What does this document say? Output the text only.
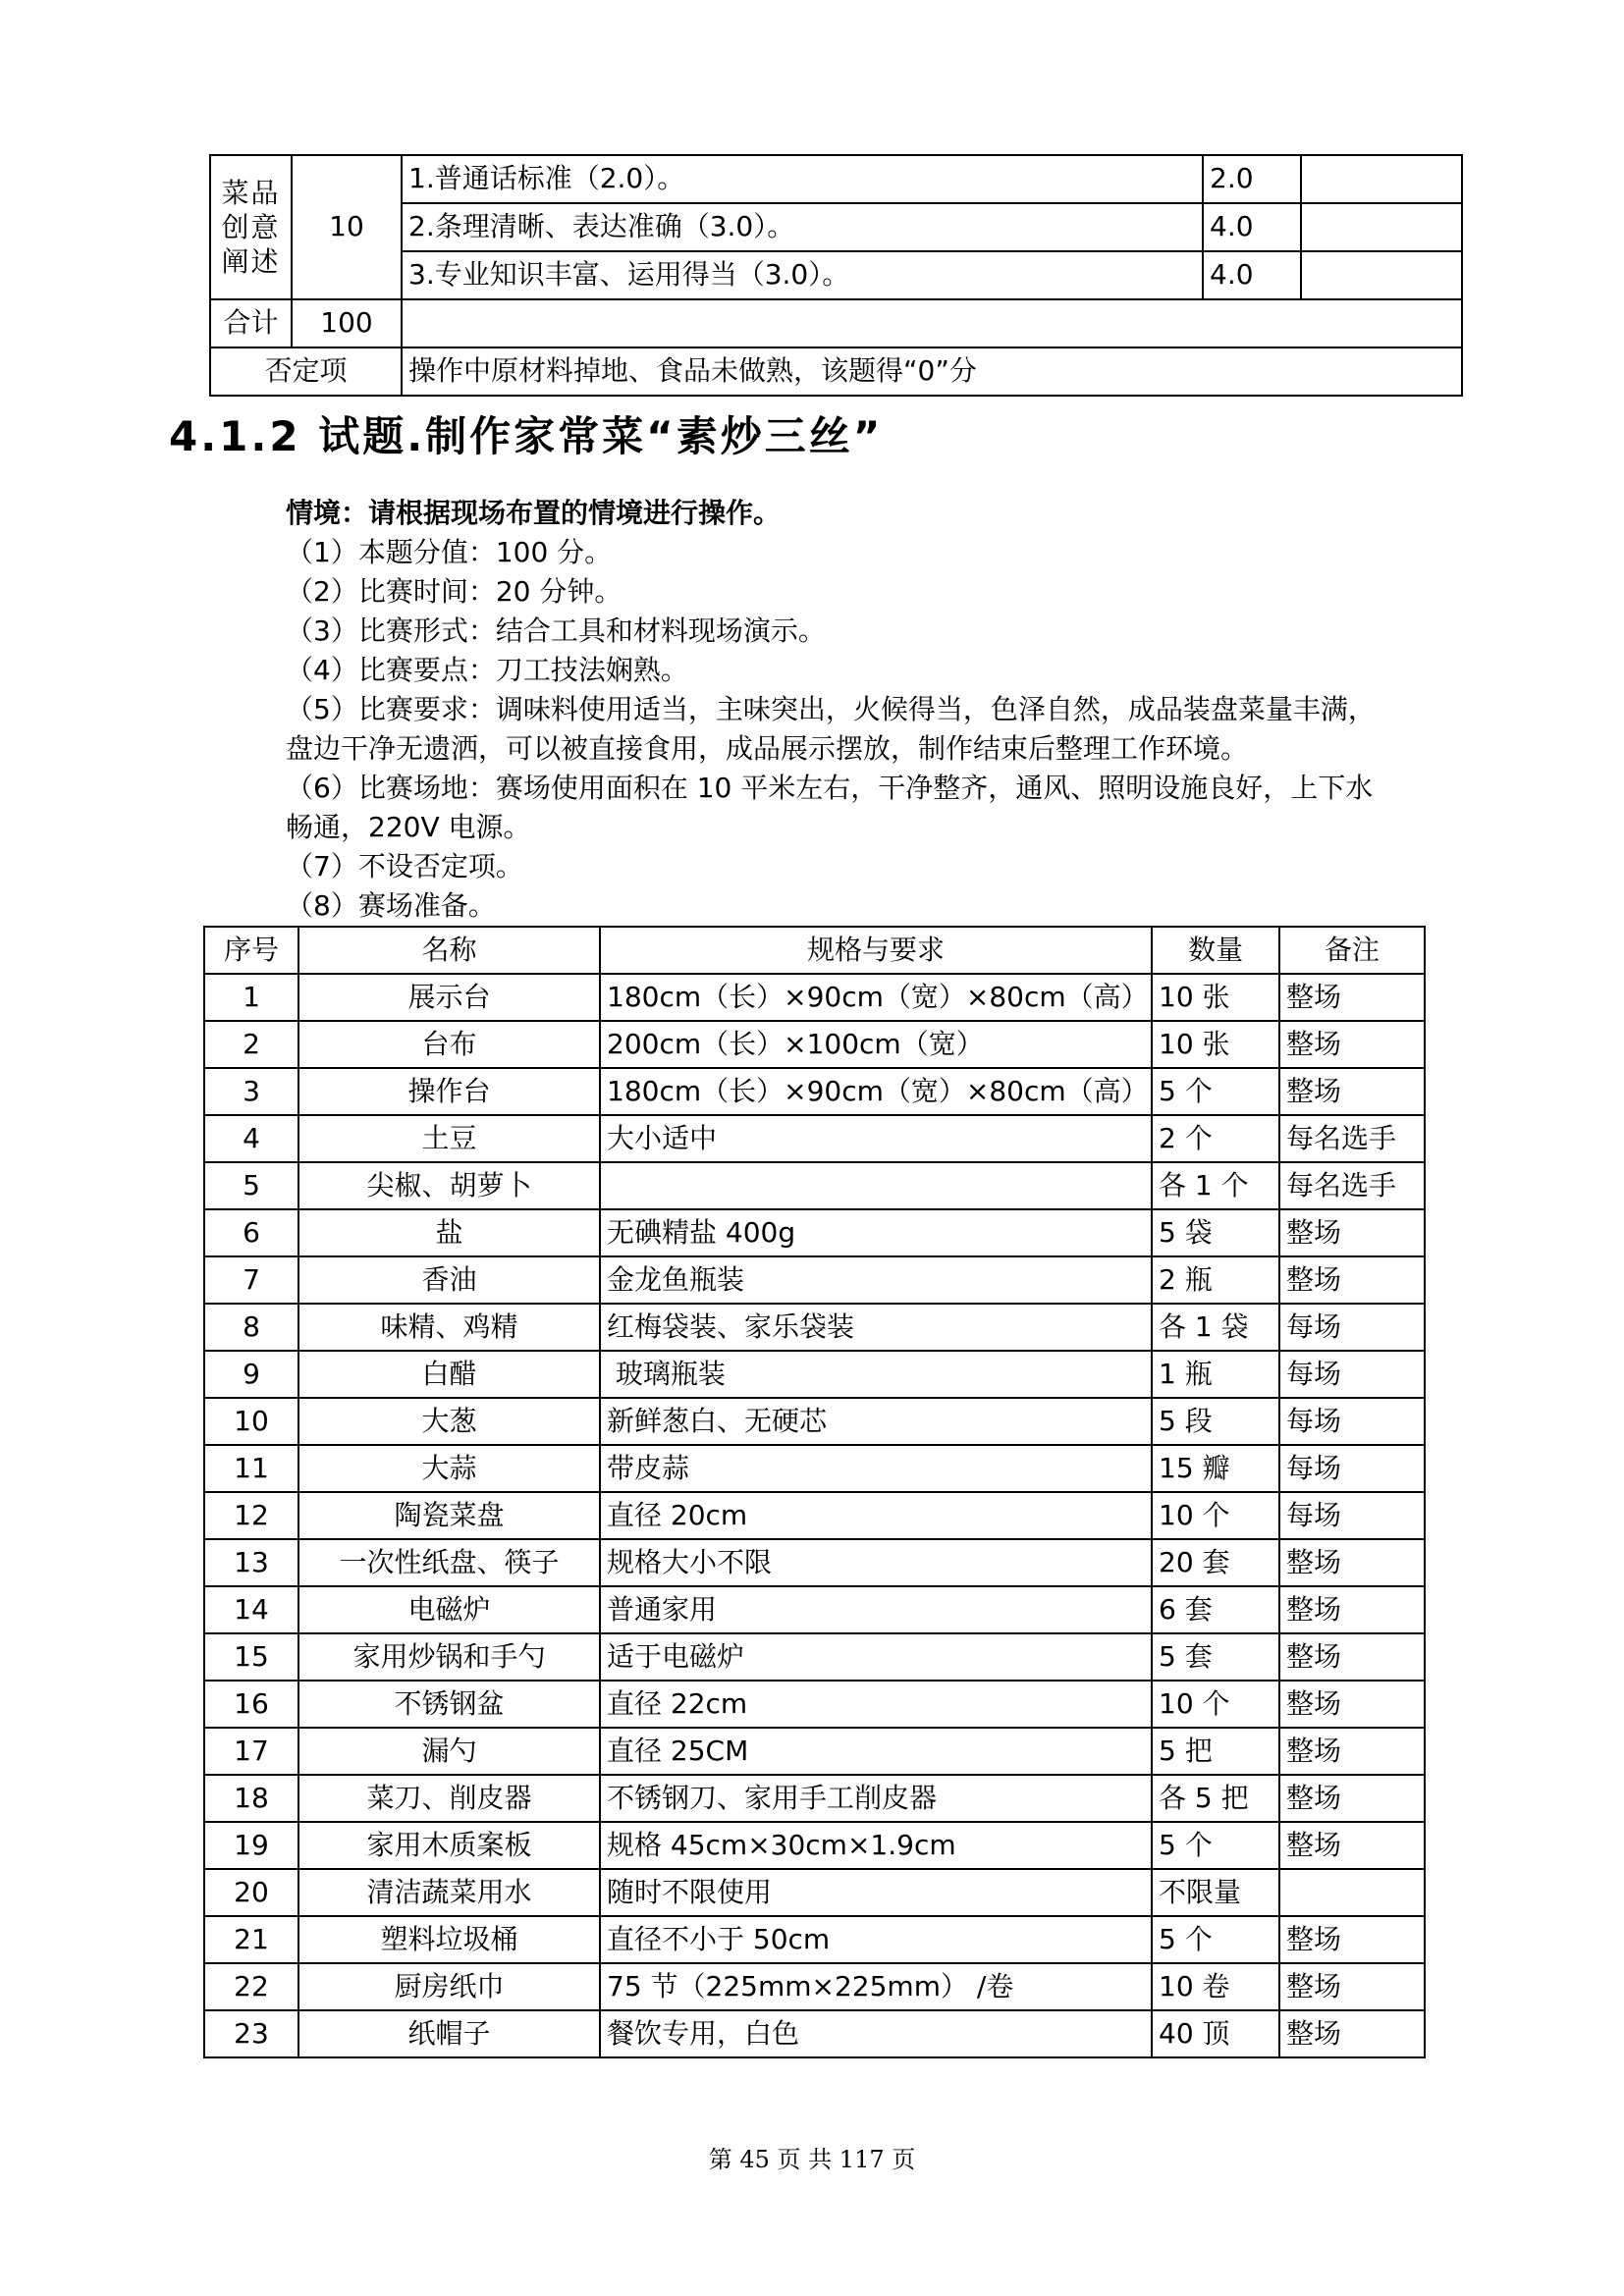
菜品创意阐述	10	1.普通话标准（2.0）。	2.0	
		2.条理清晰、表达准确（3.0）。	4.0	
		3.专业知识丰富、运用得当（3.0）。	4.0	
合计	100			
否定项		操作中原材料掉地、食品未做熟，该题得“0”分		
4.1.2 试题.制作家常菜“素炒三丝”
情境：请根据现场布置的情境进行操作。
（1）本题分值：100 分。
（2）比赛时间：20 分钟。
（3）比赛形式：结合工具和材料现场演示。
（4）比赛要点：刀工技法娴熟。
（5）比赛要求：调味料使用适当，主味突出，火候得当，色泽自然，成品装盘菜量丰满，
盘边干净无遗洒，可以被直接食用，成品展示摆放，制作结束后整理工作环境。
（6）比赛场地：赛场使用面积在 10 平米左右，干净整齐，通风、照明设施良好，上下水
畅通，220V 电源。
（7）不设否定项。
（8）赛场准备。
序号	名称	规格与要求	数量	备注
1	展示台	180cm（长）×90cm（宽）×80cm（高）	10 张	整场
2	台布	200cm（长）×100cm（宽）	10 张	整场
3	操作台	180cm（长）×90cm（宽）×80cm（高）	5 个	整场
4	土豆	大小适中	2 个	每名选手
5	尖椒、胡萝卜		各 1 个	每名选手
6	盐	无碘精盐 400g	5 袋	整场
7	香油	金龙鱼瓶装	2 瓶	整场
8	味精、鸡精	红梅袋装、家乐袋装	各 1 袋	每场
9	白醋	玻璃瓶装	1 瓶	每场
10	大葱	新鲜葱白、无硬芯	5 段	每场
11	大蒜	带皮蒜	15 瓣	每场
12	陶瓷菜盘	直径 20cm	10 个	每场
13	一次性纸盘、筷子	规格大小不限	20 套	整场
14	电磁炉	普通家用	6 套	整场
15	家用炒锅和手勺	适于电磁炉	5 套	整场
16	不锈钢盆	直径 22cm	10 个	整场
17	漏勺	直径 25CM	5 把	整场
18	菜刀、削皮器	不锈钢刀、家用手工削皮器	各 5 把	整场
19	家用木质案板	规格 45cm×30cm×1.9cm	5 个	整场
20	清洁蔬菜用水	随时不限使用	不限量	
21	塑料垃圾桶	直径不小于 50cm	5 个	整场
22	厨房纸巾	75 节（225mm×225mm） /卷	10 卷	整场
23	纸帽子	餐饮专用，白色	40 顶	整场
第 45 页 共 117 页
